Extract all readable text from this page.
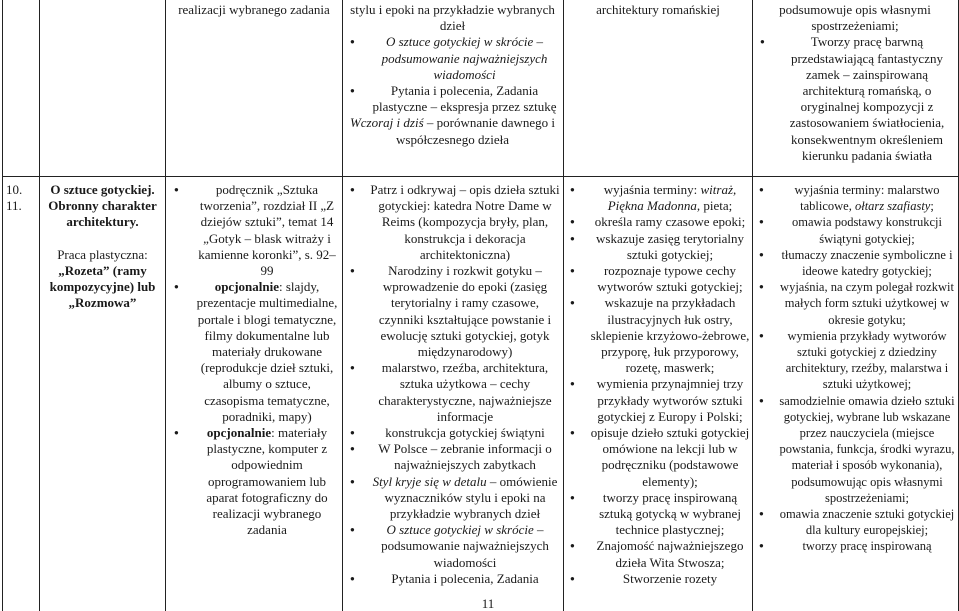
realizacji wybranego zadania	stylu i epoki na przykładzie wybranych dzieł
● O sztuce gotyckiej w skrócie – podsumowanie najważniejszych wiadomości
● Pytania i polecenia, Zadania plastyczne – ekspresja przez sztukę
Wczoraj i dziś – porównanie dawnego i współczesnego dzieła
architektury romańskiej	podsumowuje opis własnymi spostrzeżeniami;
● Tworzy pracę barwną przedstawiającą fantastyczny zamek – zainspirowaną architekturą romańską, o oryginalnej kompozycji z zastosowaniem światłocienia, konsekwentnym określeniem kierunku padania światła
10.
11.
O sztuce gotyckiej. Obronny charakter architektury.
Praca plastyczna:
„Rozeta” (ramy kompozycyjne) lub „Rozmowa”
● podręcznik „Sztuka tworzenia”, rozdział II „Z dziejów sztuki”, temat 14 „Gotyk – blask witraży i kamienne koronki”, s. 92–99
● opcjonalnie: slajdy, prezentacje multimedialne, portale i blogi tematyczne, filmy dokumentalne lub materiały drukowane (reprodukcje dzieł sztuki, albumy o sztuce, czasopisma tematyczne, poradniki, mapy)
● opcjonalnie: materiały plastyczne, komputer z odpowiednim oprogramowaniem lub aparat fotograficzny do realizacji wybranego zadania
● Patrz i odkrywaj – opis dzieła sztuki gotyckiej: katedra Notre Dame w Reims (kompozycja bryły, plan, konstrukcja i dekoracja architektoniczna)
● Narodziny i rozkwit gotyku – wprowadzenie do epoki (zasięg terytorialny i ramy czasowe, czynniki kształtujące powstanie i ewolucję sztuki gotyckiej, gotyk międzynarodowy)
● malarstwo, rzeźba, architektura, sztuka użytkowa – cechy charakterystyczne, najważniejsze informacje
● konstrukcja gotyckiej świątyni
● W Polsce – zebranie informacji o najważniejszych zabytkach
● Styl kryje się w detalu – omówienie wyznaczników stylu i epoki na przykładzie wybranych dzieł
● O sztuce gotyckiej w skrócie – podsumowanie najważniejszych wiadomości
● Pytania i polecenia, Zadania
● wyjaśnia terminy: witraż, Piękna Madonna, pieta;
● określa ramy czasowe epoki;
● wskazuje zasięg terytorialny sztuki gotyckiej;
● rozpoznaje typowe cechy wytworów sztuki gotyckiej;
● wskazuje na przykładach ilustracyjnych łuk ostry, sklepienie krzyżowo-żebrowe, przyporę, łuk przyporowy, rozetę, maswerk;
● wymienia przynajmniej trzy przykłady wytworów sztuki gotyckiej z Europy i Polski;
● opisuje dzieło sztuki gotyckiej omówione na lekcji lub w podręczniku (podstawowe elementy);
● tworzy pracę inspirowaną sztuką gotycką w wybranej technice plastycznej;
● Znajomość najważniejszego dzieła Wita Stwosza;
● Stworzenie rozety
● wyjaśnia terminy: malarstwo tablicowe, ołtarz szafiasty;
● omawia podstawy konstrukcji świątyni gotyckiej;
● tłumaczy znaczenie symboliczne i ideowe katedry gotyckiej;
● wyjaśnia, na czym polegał rozkwit małych form sztuki użytkowej w okresie gotyku;
● wymienia przykłady wytworów sztuki gotyckiej z dziedziny architektury, rzeźby, malarstwa i sztuki użytkowej;
● samodzielnie omawia dzieło sztuki gotyckiej, wybrane lub wskazane przez nauczyciela (miejsce powstania, funkcja, środki wyrazu, materiał i sposób wykonania), podsumowując opis własnymi spostrzeżeniami;
● omawia znaczenie sztuki gotyckiej dla kultury europejskiej;
● tworzy pracę inspirowaną
11
